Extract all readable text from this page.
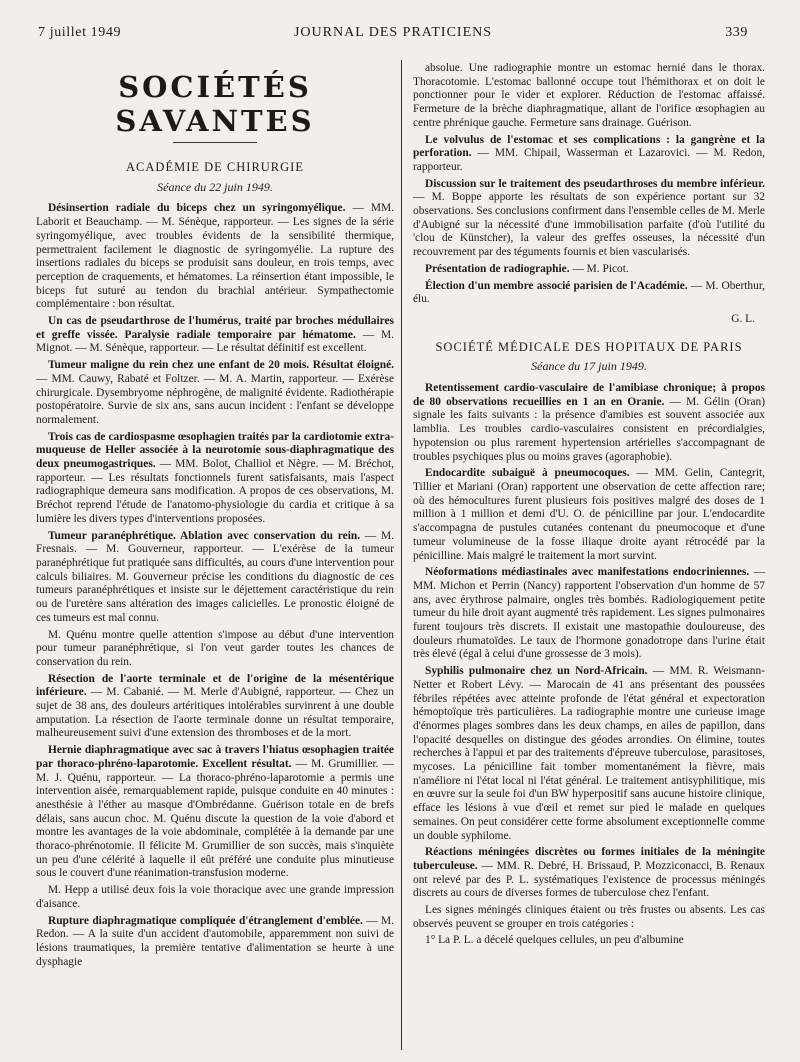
7 juillet 1949	JOURNAL DES PRATICIENS	339
SOCIÉTÉS SAVANTES
ACADÉMIE DE CHIRURGIE
Séance du 22 juin 1949.

Désinsertion radiale du biceps chez un syringomyélique. — MM. Laborit et Beauchamp. — M. Sénèque, rapporteur. — Les signes de la série syringomyélique, avec troubles évidents de la sensibilité thermique, permettraient facilement le diagnostic de syringomyélie. La rupture des insertions radiales du biceps se produisit sans douleur, en trois temps, avec perception de craquements, et hématomes. La réinsertion étant impossible, le biceps fut suturé au tendon du brachial antérieur. Sympathectomie complémentaire : bon résultat.

Un cas de pseudarthrose de l'humérus, traité par broches médullaires et greffe vissée. Paralysie radiale temporaire par hématome. — M. Mignot. — M. Sénèque, rapporteur. — Le résultat définitif est excellent.

Tumeur maligne du rein chez une enfant de 20 mois. Résultat éloigné. — MM. Cauwy, Rabaté et Foltzer. — M. A. Martin, rapporteur. — Exérèse chirurgicale. Dysembryome néphrogène, de malignité évidente. Radiothérapie postopératoire. Survie de six ans, sans aucun incident : l'enfant se développe normalement.

Trois cas de cardiospasme œsophagien traités par la cardiotomie extra-muqueuse de Heller associée à la neurotomie sous-diaphragmatique des deux pneumogastriques. — MM. Bolot, Challiol et Nègre. — M. Bréchot, rapporteur. — Les résultats fonctionnels furent satisfaisants, mais l'aspect radiographique demeura sans modification. A propos de ces observations, M. Bréchot reprend l'étude de l'anatomo-physiologie du cardia et critique à sa lumière les divers types d'interventions proposées.

Tumeur paranéphrétique. Ablation avec conservation du rein. — M. Fresnais. — M. Gouverneur, rapporteur. — L'exérèse de la tumeur paranéphrétique fut pratiquée sans difficultés, au cours d'une intervention pour calculs biliaires. M. Gouverneur précise les conditions du diagnostic de ces tumeurs paranéphrétiques et insiste sur le déjettement caractéristique du rein ou de l'uretère sans altération des images calicielles. Le pronostic éloigné de ces tumeurs est mal connu.

M. Quénu montre quelle attention s'impose au début d'une intervention pour tumeur paranéphrétique, si l'on veut garder toutes les chances de conservation du rein.

Résection de l'aorte terminale et de l'origine de la mésentérique inférieure. — M. Cabanié. — M. Merle d'Aubigné, rapporteur. — Chez un sujet de 38 ans, des douleurs artéritiques intolérables survinrent à une double amputation. La résection de l'aorte terminale donne un résultat temporaire, malheureusement suivi d'une extension des thromboses et de la mort.

Hernie diaphragmatique avec sac à travers l'hiatus œsophagien traitée par thoraco-phréno-laparotomie. Excellent résultat. — M. Grumillier. — M. J. Quénu, rapporteur. — La thoraco-phréno-laparotomie a permis une intervention aisée, remarquablement rapide, puisque conduite en 40 minutes : anesthésie à l'éther au masque d'Ombrédanne. Guérison totale en de brefs délais, sans aucun choc. M. Quénu discute la question de la voie d'abord et montre les avantages de la voie abdominale, complétée à la demande par une thoraco-phrénotomie. Il félicite M. Grumillier de son succès, mais s'inquiète un peu d'une célérité à laquelle il eût préféré une conduite plus minutieuse sous le couvert d'une réanimation-transfusion moderne.

M. Hepp a utilisé deux fois la voie thoracique avec une grande impression d'aisance.

Rupture diaphragmatique compliquée d'étranglement d'emblée. — M. Redon. — A la suite d'un accident d'automobile, apparemment non suivi de lésions traumatiques, la première tentative d'alimentation se heurte à une dysphagie

absolue. Une radiographie montre un estomac hernié dans le thorax. Thoracotomie. L'estomac ballonné occupe tout l'hémithorax et on doit le ponctionner pour le vider et explorer. Réduction de l'estomac affaissé. Fermeture de la brèche diaphragmatique, allant de l'orifice œsophagien au centre phrénique gauche. Fermeture sans drainage. Guérison.

Le volvulus de l'estomac et ses complications : la gangrène et la perforation. — MM. Chipail, Wasserman et Lazarovici. — M. Redon, rapporteur.

Discussion sur le traitement des pseudarthroses du membre inférieur. — M. Boppe apporte les résultats de son expérience portant sur 32 observations. Ses conclusions confirment dans l'ensemble celles de M. Merle d'Aubigné sur la nécessité d'une immobilisation parfaite (d'où l'utilité du 'clou de Künstcher), la valeur des greffes osseuses, la nécessité d'un recouvrement par des téguments fournis et bien vascularisés.

Présentation de radiographie. — M. Picot.

Élection d'un membre associé parisien de l'Académie. — M. Oberthur, élu.

G. L.
SOCIÉTÉ MÉDICALE DES HOPITAUX DE PARIS
Séance du 17 juin 1949.

Retentissement cardio-vasculaire de l'amibiase chronique; à propos de 80 observations recueillies en 1 an en Oranie. — M. Gélin (Oran) signale les faits suivants : la présence d'amibies est souvent associée aux lamblia. Les troubles cardio-vasculaires consistent en précordialgies, hypotension ou plus rarement hypertension artérielles s'accompagnant de troubles psychiques plus ou moins graves (agoraphobie).

Endocardite subaiguë à pneumocoques. — MM. Gelin, Cantegrit, Tillier et Mariani (Oran) rapportent une observation de cette affection rare; où des hémocultures furent plusieurs fois positives malgré des doses de 1 million à 1 million et demi d'U. O. de pénicilline par jour. L'endocardite s'accompagna de pustules cutanées contenant du pneumocoque et d'une tumeur volumineuse de la fosse iliaque droite ayant rétrocédé par la pénicilline. Mais malgré le traitement la mort survint.

Néoformations médiastinales avec manifestations endocriniennes. — MM. Michon et Perrin (Nancy) rapportent l'observation d'un homme de 57 ans, avec érythrose palmaire, ongles très bombés. Radiologiquement petite tumeur du hile droit ayant augmenté très rapidement. Les signes pulmonaires furent toujours très discrets. Il existait une mastopathie douloureuse, des douleurs rhumatoïdes. Le taux de l'hormone gonadotrope dans l'urine était très élevé (égal à celui d'une grossesse de 3 mois).

Syphilis pulmonaire chez un Nord-Africain. — MM. R. Weismann-Netter et Robert Lévy. — Marocain de 41 ans présentant des poussées fébriles répétées avec atteinte profonde de l'état général et expectoration hémoptoïque très particulières. La radiographie montre une curieuse image d'énormes plages sombres dans les deux champs, en ailes de papillon, dans l'opacité desquelles on distingue des géodes arrondies. On élimine, toutes recherches à l'appui et par des traitements d'épreuve tuberculose, parasitoses, mycoses. La pénicilline fait tomber momentanément la fièvre, mais n'améliore ni l'état local ni l'état général. Le traitement antisyphilitique, mis en œuvre sur la seule foi d'un BW hyperpositif sans aucune histoire clinique, efface les lésions à vue d'œil et remet sur pied le malade en quelques semaines. On peut considérer cette forme absolument exceptionnelle comme un double syphilome.

Réactions méningées discrètes ou formes initiales de la méningite tuberculeuse. — MM. R. Debré, H. Brissaud, P. Mozziconacci, B. Renaux ont relevé par des P. L. systématiques l'existence de processus méningés discrets au cours de diverses formes de tuberculose chez l'enfant.

Les signes méningés cliniques étaient ou très frustes ou absents. Les cas observés peuvent se grouper en trois catégories :

1° La P. L. a décelé quelques cellules, un peu d'albumine
